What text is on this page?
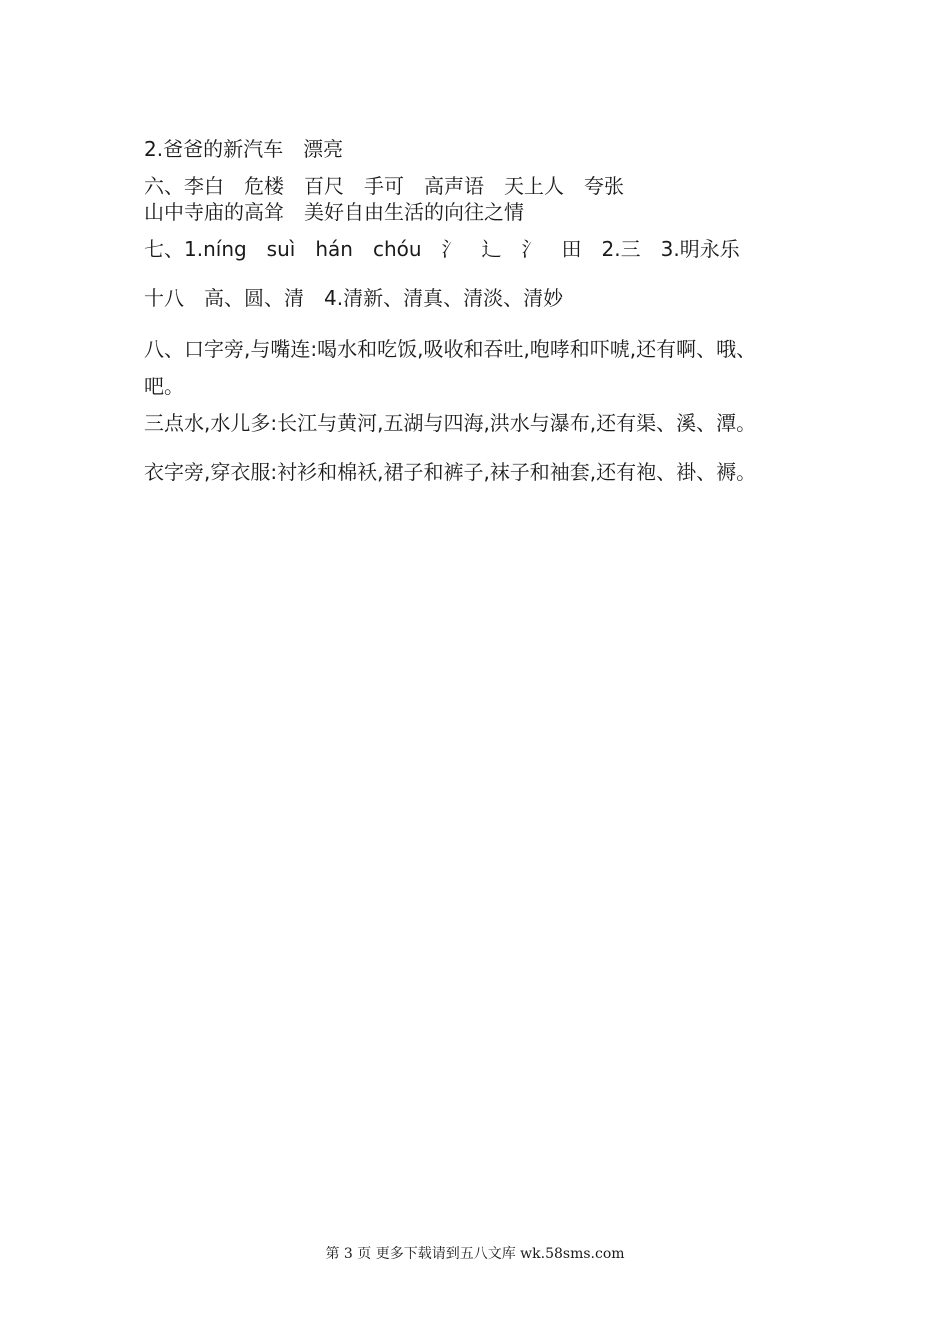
2.爸爸的新汽车　漂亮
六、李白　危楼　百尺　手可　高声语　天上人　夸张
山中寺庙的高耸　美好自由生活的向往之情
七、1.níng　suì　hán　chóu　氵　辶　氵　田　2.三　3.明永乐
十八　高、圆、清　4.清新、清真、清淡、清妙
八、口字旁,与嘴连:喝水和吃饭,吸收和吞吐,咆哮和吓唬,还有啊、哦、
吧。
三点水,水儿多:长江与黄河,五湖与四海,洪水与瀑布,还有渠、溪、潭。
衣字旁,穿衣服:衬衫和棉袄,裙子和裤子,袜子和袖套,还有袍、褂、褥。
第 3 页 更多下载请到五八文库 wk.58sms.com
